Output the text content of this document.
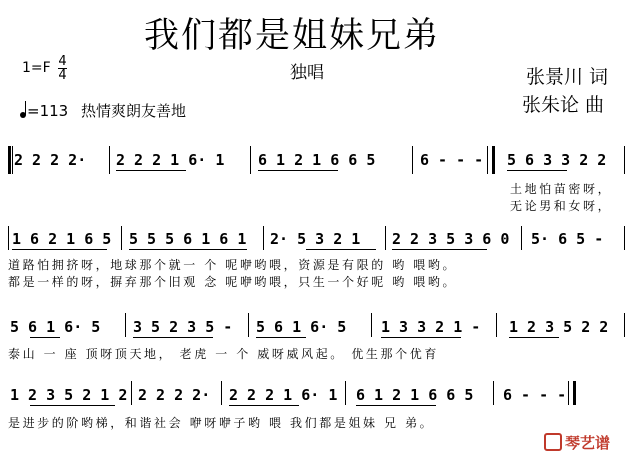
我们都是姐妹兄弟
独唱	张景川 词
张朱论 曲
1=F 4
4
=113 热情爽朗友善地
2 2 2 2· 2 2 2 1 6· 1 6 1 2 1 6 6 5	6 - - - 5 6 3 3 2 2
土地怕苗密呀，
无论男和女呀，
1 6 2 1 6 5 5 5 5 6 1 6 1 2· 5 3 2 1 2 2 3 5 3 6 0 5· 6 5 -
道路怕拥挤呀，地球那个就一 个 呢咿哟喂，资源是有限的 哟 喂哟。
都是一样的呀，摒弃那个旧观 念 呢咿哟喂，只生一个好呢 哟 喂哟。
5 6 1 6· 5 3 5 2 3 5 - 5 6 1 6· 5 1 3 3 2 1 - 1 2 3 5 2 2
泰山 一 座 顶呀顶天地， 老虎 一 个 威呀威风起。 优生那个优育
1 2 3 5 2 1 2 2 2 2 2· 2 2 2 1 6· 1 6 1 2 1 6 6 5 6 - - -
是进步的阶哟梯，和谐社会 咿呀咿子哟 喂 我们都是姐妹 兄 弟。
琴艺谱
